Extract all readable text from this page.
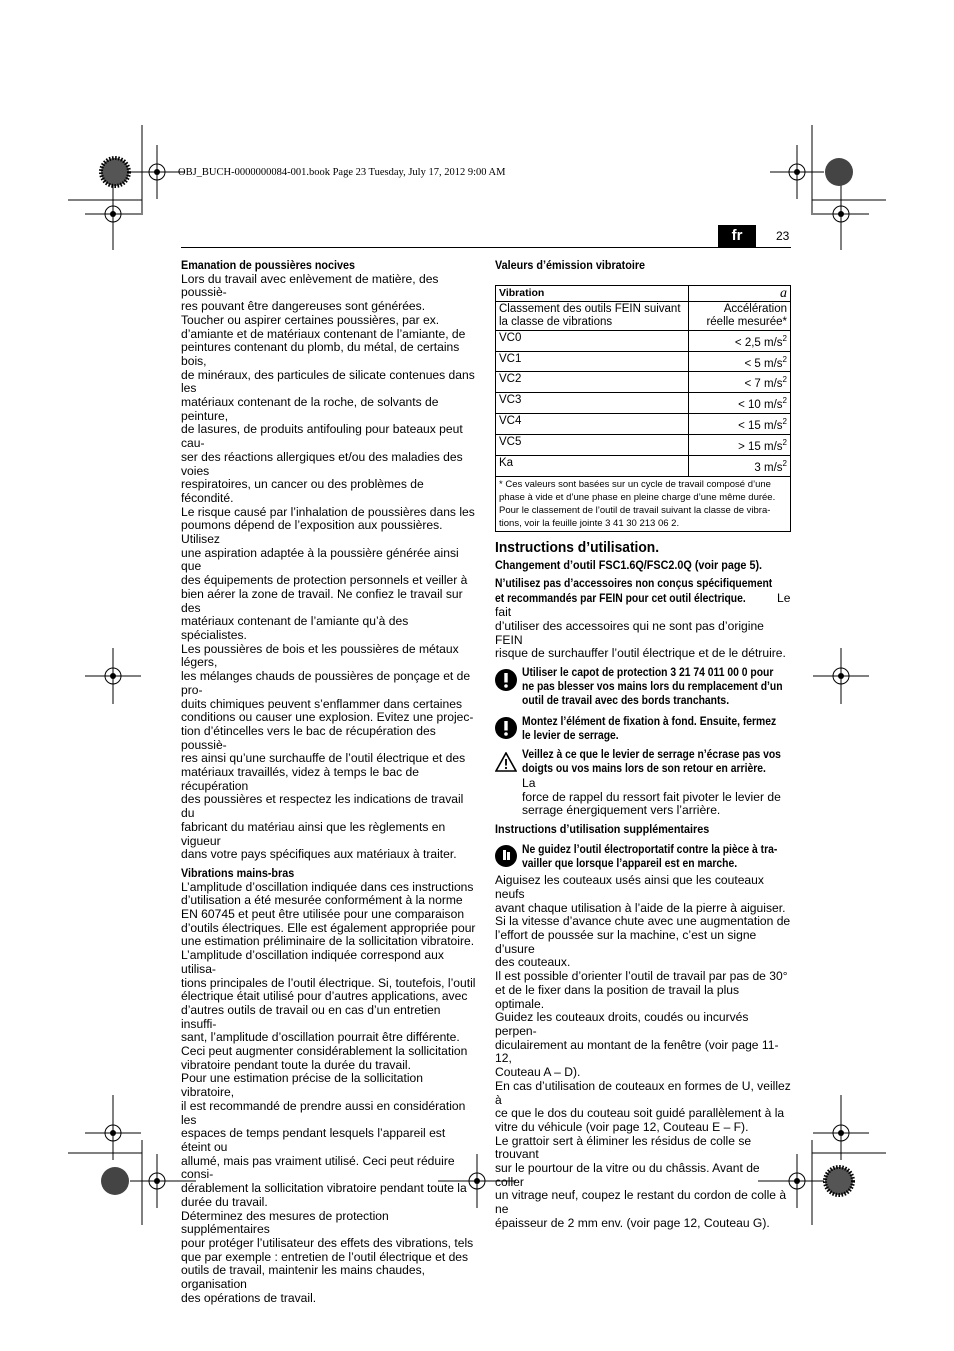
OBJ_BUCH-0000000084-001.book Page 23 Tuesday, July 17, 2012 9:00 AM
fr	23
Emanation de poussières nocives
Lors du travail avec enlèvement de matière, des poussiè-
res pouvant être dangereuses sont générées.
Toucher ou aspirer certaines poussières, par ex.
d’amiante et de matériaux contenant de l’amiante, de
peintures contenant du plomb, du métal, de certains bois,
de minéraux, des particules de silicate contenues dans les
matériaux contenant de la roche, de solvants de peinture,
de lasures, de produits antifouling pour bateaux peut cau-
ser des réactions allergiques et/ou des maladies des voies
respiratoires, un cancer ou des problèmes de fécondité.
Le risque causé par l’inhalation de poussières dans les
poumons dépend de l’exposition aux poussières. Utilisez
une aspiration adaptée à la poussière générée ainsi que
des équipements de protection personnels et veiller à
bien aérer la zone de travail. Ne confiez le travail sur des
matériaux contenant de l’amiante qu’à des spécialistes.
Les poussières de bois et les poussières de métaux légers,
les mélanges chauds de poussières de ponçage et de pro-
duits chimiques peuvent s’enflammer dans certaines
conditions ou causer une explosion. Evitez une projec-
tion d’étincelles vers le bac de récupération des poussiè-
res ainsi qu’une surchauffe de l’outil électrique et des
matériaux travaillés, videz à temps le bac de récupération
des poussières et respectez les indications de travail du
fabricant du matériau ainsi que les règlements en vigueur
dans votre pays spécifiques aux matériaux à traiter.
Vibrations mains-bras
L’amplitude d’oscillation indiquée dans ces instructions
d’utilisation a été mesurée conformément à la norme
EN 60745 et peut être utilisée pour une comparaison
d’outils électriques. Elle est également appropriée pour
une estimation préliminaire de la sollicitation vibratoire.
L’amplitude d’oscillation indiquée correspond aux utilisa-
tions principales de l’outil électrique. Si, toutefois, l’outil
électrique était utilisé pour d’autres applications, avec
d’autres outils de travail ou en cas d’un entretien insuffi-
sant, l’amplitude d’oscillation pourrait être différente.
Ceci peut augmenter considérablement la sollicitation
vibratoire pendant toute la durée du travail.
Pour une estimation précise de la sollicitation vibratoire,
il est recommandé de prendre aussi en considération les
espaces de temps pendant lesquels l’appareil est éteint ou
allumé, mais pas vraiment utilisé. Ceci peut réduire consi-
dérablement la sollicitation vibratoire pendant toute la
durée du travail.
Déterminez des mesures de protection supplémentaires
pour protéger l’utilisateur des effets des vibrations, tels
que par exemple : entretien de l’outil électrique et des
outils de travail, maintenir les mains chaudes, organisation
des opérations de travail.
Valeurs d’émission vibratoire
Vibration	a
Classement des outils FEIN suivant
la classe de vibrations	Accélération
réelle mesurée*
VC0	< 2,5 $m/s^2$
VC1	< 5 $m/s^2$
VC2	< 7 $m/s^2$
VC3	< 10 $m/s^2$
VC4	< 15 $m/s^2$
VC5	> 15 $m/s^2$
Ka	3 $m/s^2$

* Ces valeurs sont basées sur un cycle de travail composé d’une
phase à vide et d’une phase en pleine charge d’une même durée.
Pour le classement de l’outil de travail suivant la classe de vibra-
tions, voir la feuille jointe 3 41 30 213 06 2.	
Instructions d’utilisation.
Changement d’outil FSC1.6Q/FSC2.0Q (voir page 5).
N’utilisez pas d’accessoires non conçus spécifiquement
et recommandés par FEIN pour cet outil électrique. Le fait
d’utiliser des accessoires qui ne sont pas d’origine FEIN
risque de surchauffer l’outil électrique et de le détruire.
Utiliser le capot de protection 3 21 74 011 00 0 pour
ne pas blesser vos mains lors du remplacement d’un
outil de travail avec des bords tranchants.
Montez l’élément de fixation à fond. Ensuite, fermez
le levier de serrage.
Veillez à ce que le levier de serrage n’écrase pas vos
doigts ou vos mains lors de son retour en arrière. La
force de rappel du ressort fait pivoter le levier de
serrage énergiquement vers l’arrière.
Instructions d’utilisation supplémentaires
Ne guidez l’outil électroportatif contre la pièce à tra-
vailler que lorsque l’appareil est en marche.
Aiguisez les couteaux usés ainsi que les couteaux neufs
avant chaque utilisation à l’aide de la pierre à aiguiser.
Si la vitesse d’avance chute avec une augmentation de
l’effort de poussée sur la machine, c’est un signe d’usure
des couteaux.
Il est possible d’orienter l’outil de travail par pas de 30°
et de le fixer dans la position de travail la plus optimale.
Guidez les couteaux droits, coudés ou incurvés perpen-
diculairement au montant de la fenêtre (voir page 11-12,
Couteau A – D).
En cas d’utilisation de couteaux en formes de U, veillez à
ce que le dos du couteau soit guidé parallèlement à la
vitre du véhicule (voir page 12, Couteau E – F).
Le grattoir sert à éliminer les résidus de colle se trouvant
sur le pourtour de la vitre ou du châssis. Avant de coller
un vitrage neuf, coupez le restant du cordon de colle à ne
épaisseur de 2 mm env. (voir page 12, Couteau G).
